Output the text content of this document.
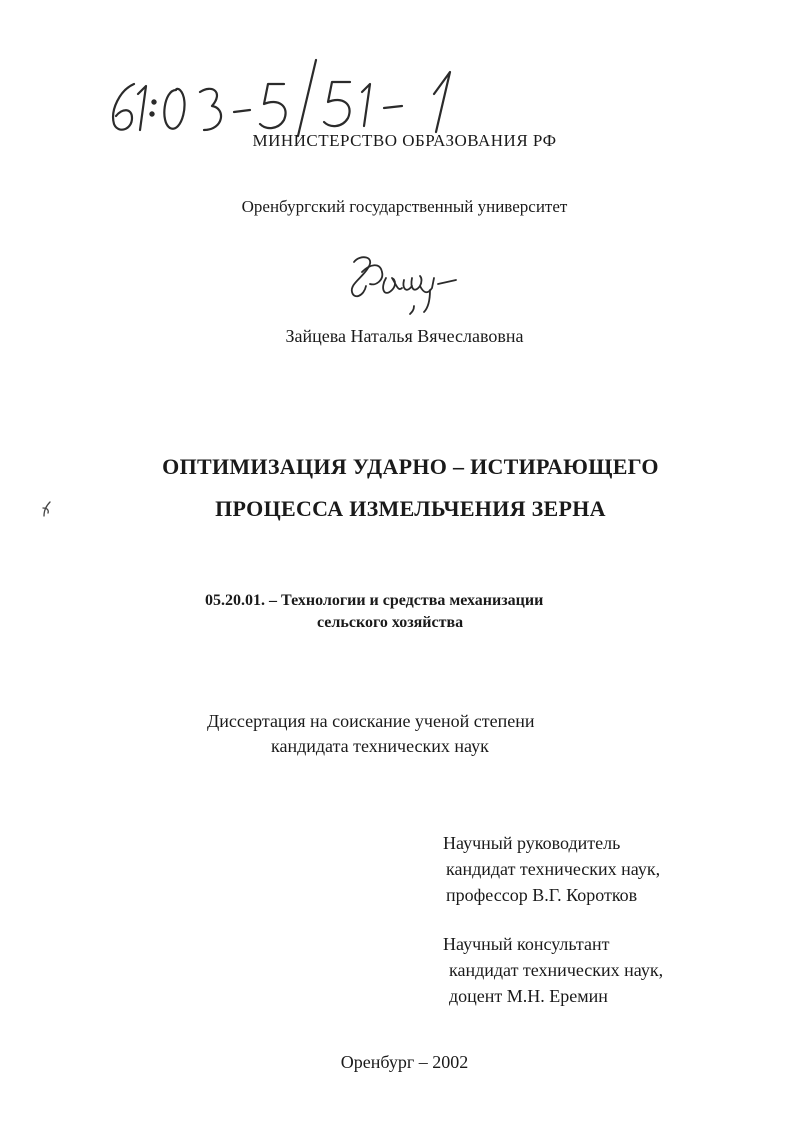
МИНИСТЕРСТВО ОБРАЗОВАНИЯ РФ
Оренбургский государственный университет
Зайцева Наталья Вячеславовна
ОПТИМИЗАЦИЯ УДАРНО – ИСТИРАЮЩЕГО
ПРОЦЕССА ИЗМЕЛЬЧЕНИЯ ЗЕРНА
05.20.01. – Технологии и средства механизации
сельского хозяйства
Диссертация на соискание ученой степени
кандидата технических наук
Научный руководитель
кандидат технических наук,
профессор В.Г. Коротков
Научный консультант
кандидат технических наук,
доцент М.Н. Еремин
Оренбург – 2002
